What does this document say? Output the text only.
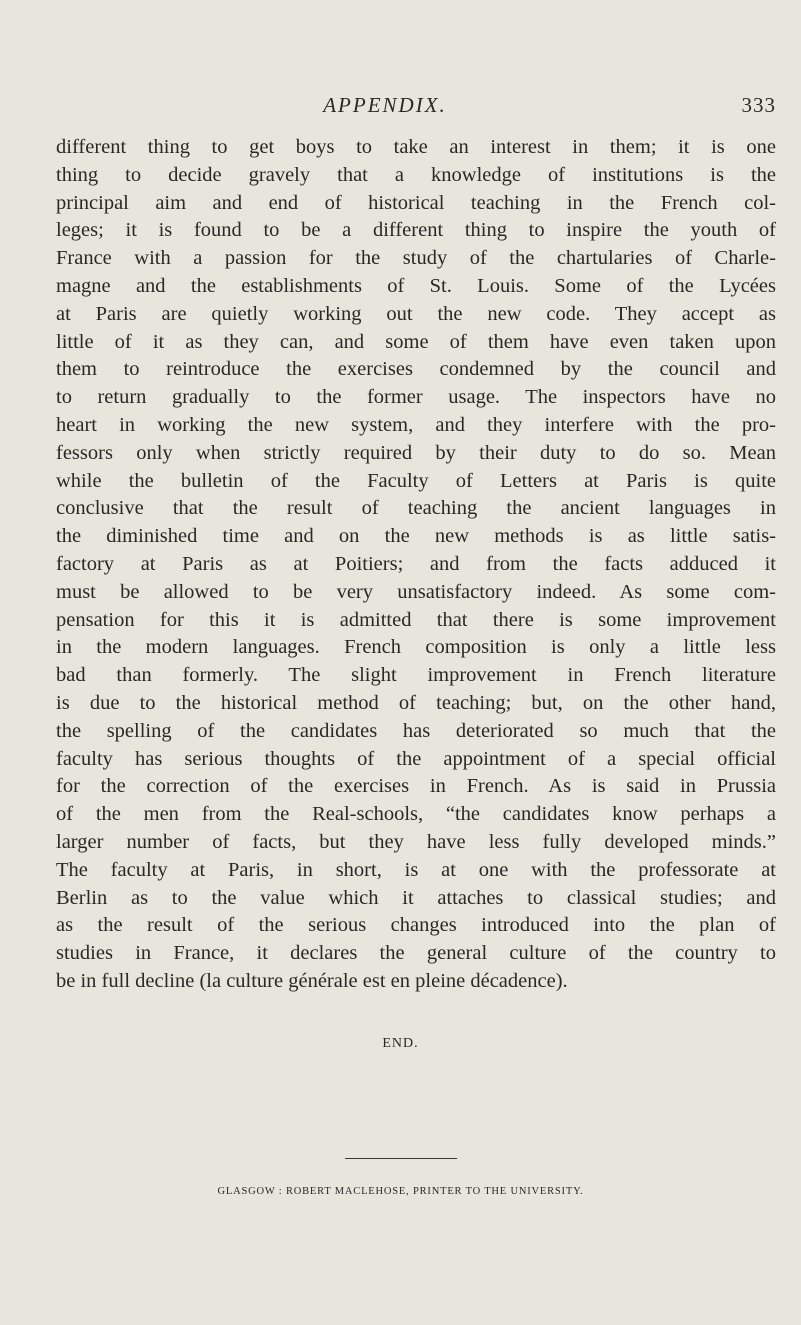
APPENDIX.	333
different thing to get boys to take an interest in them; it is one
thing to decide gravely that a knowledge of institutions is the
principal aim and end of historical teaching in the French col-
leges; it is found to be a different thing to inspire the youth of
France with a passion for the study of the chartularies of Charle-
magne and the establishments of St. Louis. Some of the Lycées
at Paris are quietly working out the new code. They accept as
little of it as they can, and some of them have even taken upon
them to reintroduce the exercises condemned by the council and
to return gradually to the former usage. The inspectors have no
heart in working the new system, and they interfere with the pro-
fessors only when strictly required by their duty to do so. Mean
while the bulletin of the Faculty of Letters at Paris is quite
conclusive that the result of teaching the ancient languages in
the diminished time and on the new methods is as little satis-
factory at Paris as at Poitiers; and from the facts adduced it
must be allowed to be very unsatisfactory indeed. As some com-
pensation for this it is admitted that there is some improvement
in the modern languages. French composition is only a little less
bad than formerly. The slight improvement in French literature
is due to the historical method of teaching; but, on the other hand,
the spelling of the candidates has deteriorated so much that the
faculty has serious thoughts of the appointment of a special official
for the correction of the exercises in French. As is said in Prussia
of the men from the Real-schools, “the candidates know perhaps a
larger number of facts, but they have less fully developed minds.”
The faculty at Paris, in short, is at one with the professorate at
Berlin as to the value which it attaches to classical studies; and
as the result of the serious changes introduced into the plan of
studies in France, it declares the general culture of the country to
be in full decline (la culture générale est en pleine décadence).
END.
GLASGOW : ROBERT MACLEHOSE, PRINTER TO THE UNIVERSITY.
